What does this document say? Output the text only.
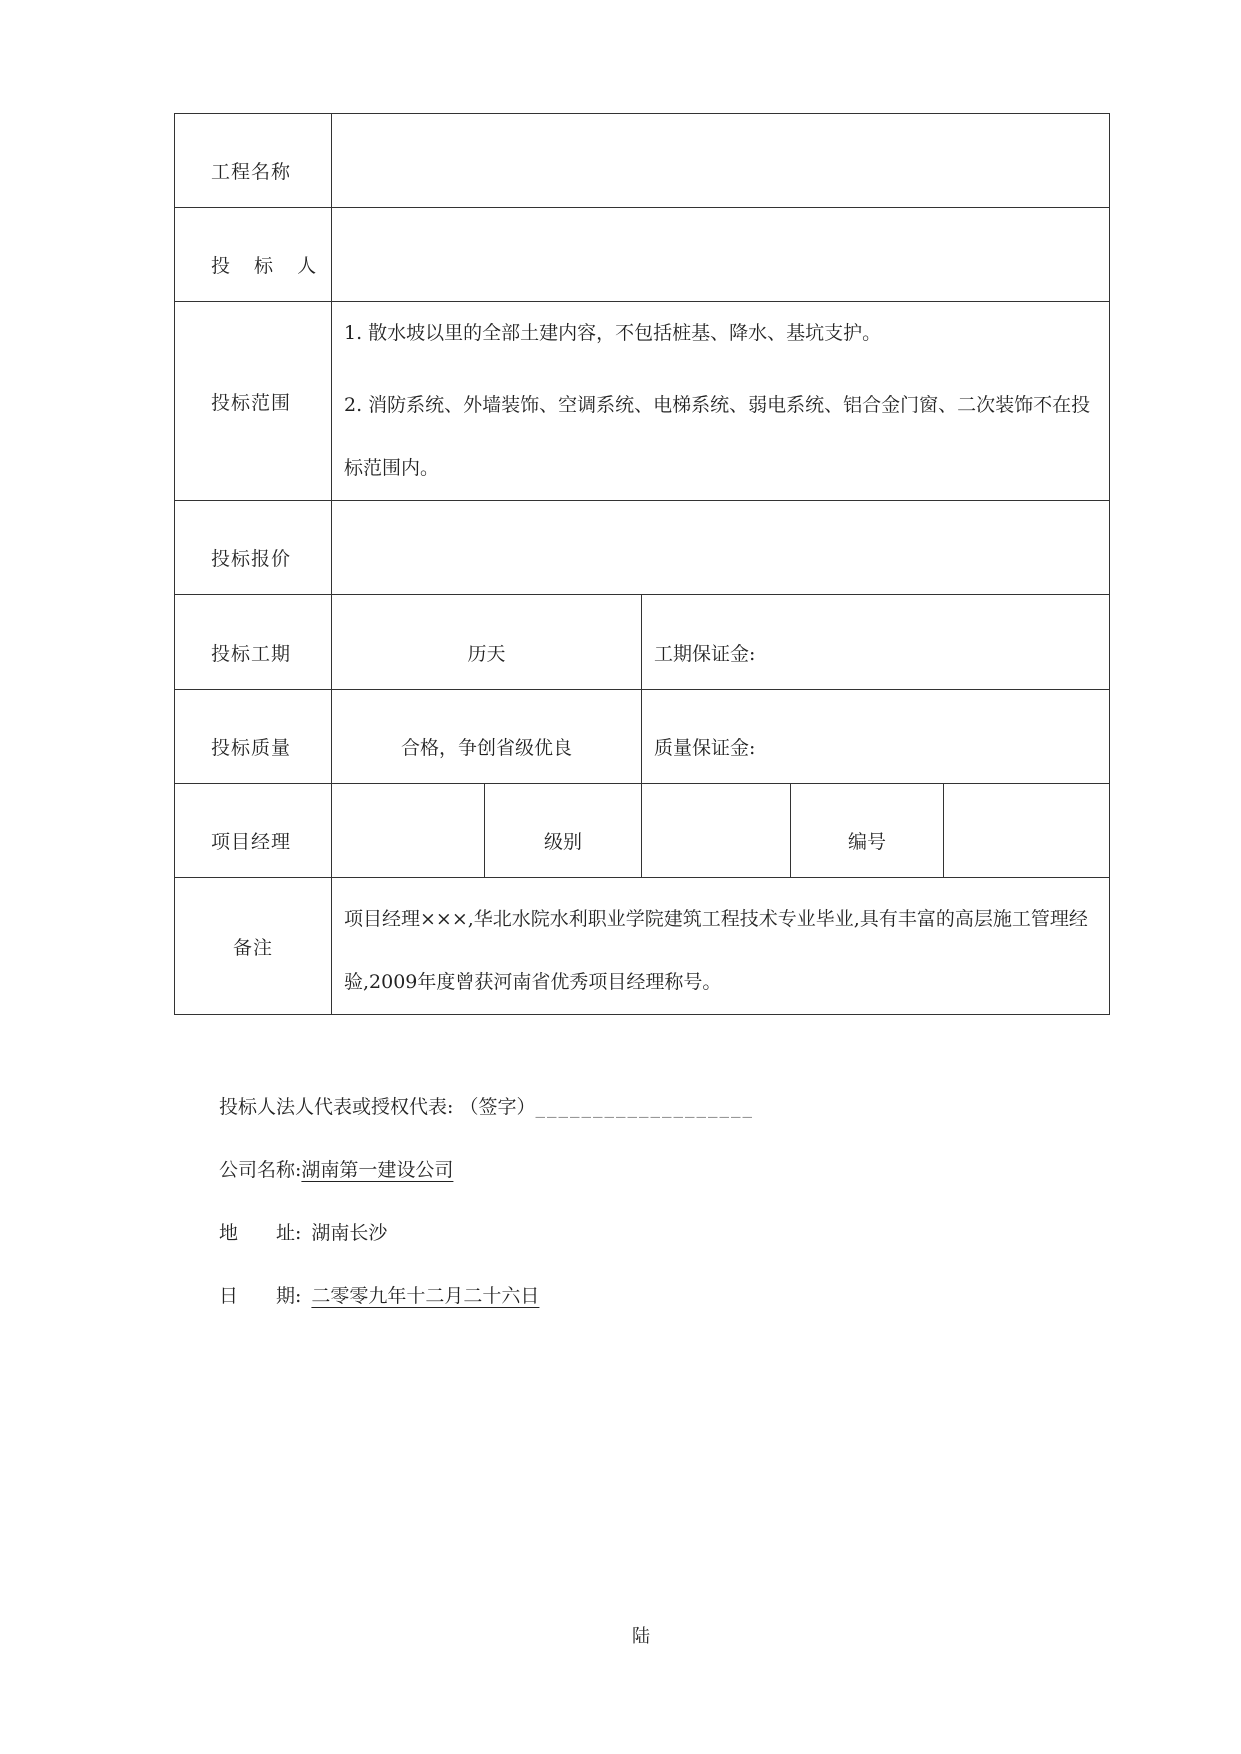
工程名称					
投 标 人					
投标范围	1. 散水坡以里的全部土建内容，不包括桩基、降水、基坑支护。
2. 消防系统、外墙装饰、空调系统、电梯系统、弱电系统、铝合金门窗、二次装饰不在投标范围内。				

投标报价					
投标工期	历天		工期保证金:		
投标质量	合格，争创省级优良		质量保证金:		
项目经理		级别		编号	
备注	项目经理×××,华北水院水利职业学院建筑工程技术专业毕业,具有丰富的高层施工管理经验,2009年度曾获河南省优秀项目经理称号。				
投标人法人代表或授权代表: （签字）___________________
公司名称:湖南第一建设公司
地　　址: 湖南长沙
日　　期: 二零零九年十二月二十六日
陆
